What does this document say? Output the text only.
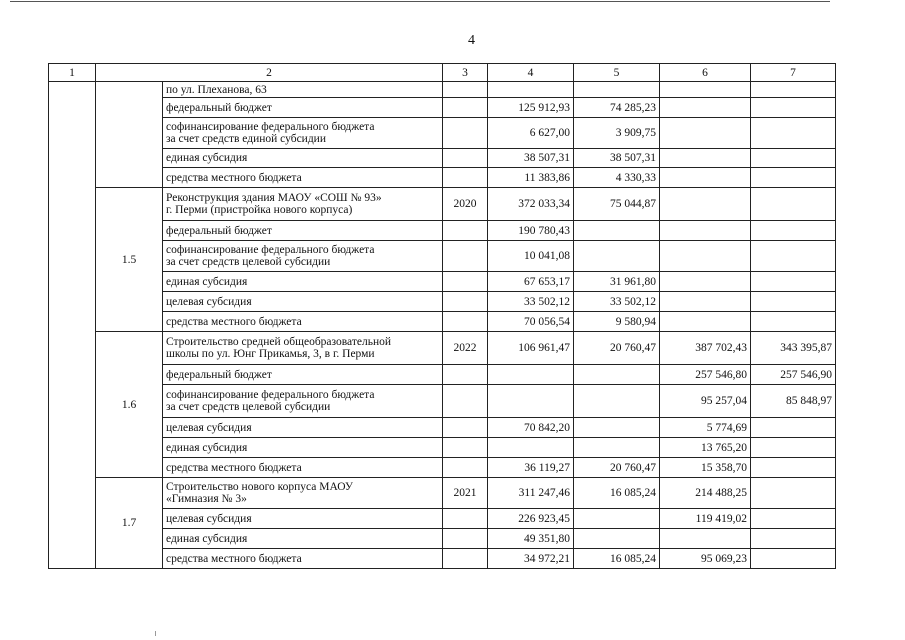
4
1	2		3	4	5	6	7
		по ул. Плеханова, 63					
		федеральный бюджет		125 912,93	74 285,23		
		софинансирование федерального бюджета
за счет средств единой субсидии		6 627,00	3 909,75		
		единая субсидия		38 507,31	38 507,31		
		средства местного бюджета		11 383,86	4 330,33		
	1.5	Реконструкция здания МАОУ «СОШ № 93»
г. Перми (пристройка нового корпуса)	2020	372 033,34	75 044,87		
		федеральный бюджет		190 780,43			
		софинансирование федерального бюджета
за счет средств целевой субсидии		10 041,08			
		единая субсидия		67 653,17	31 961,80		
		целевая субсидия		33 502,12	33 502,12		
		средства местного бюджета		70 056,54	9 580,94		
	1.6	Строительство средней общеобразовательной
школы по ул. Юнг Прикамья, 3, в г. Перми	2022	106 961,47	20 760,47	387 702,43	343 395,87
		федеральный бюджет				257 546,80	257 546,90
		софинансирование федерального бюджета
за счет средств целевой субсидии				95 257,04	85 848,97
		целевая субсидия		70 842,20		5 774,69	
		единая субсидия				13 765,20	
		средства местного бюджета		36 119,27	20 760,47	15 358,70	
	1.7	Строительство нового корпуса МАОУ
«Гимназия № 3»	2021	311 247,46	16 085,24	214 488,25	
		целевая субсидия		226 923,45		119 419,02	
		единая субсидия		49 351,80			
		средства местного бюджета		34 972,21	16 085,24	95 069,23	
